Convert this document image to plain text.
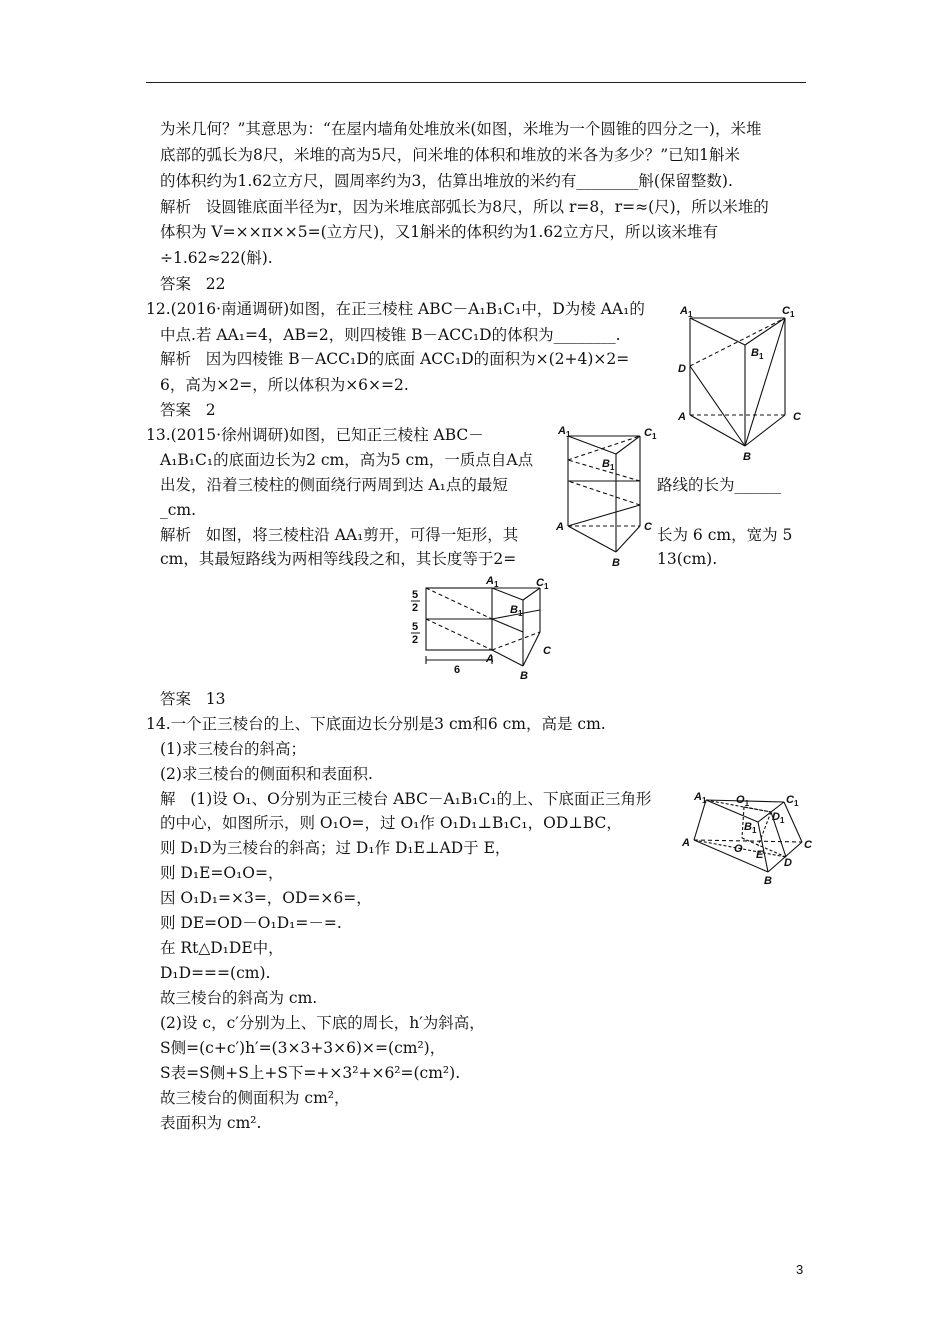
为米几何？”其意思为：“在屋内墙角处堆放米(如图，米堆为一个圆锥的四分之一)，米堆
底部的弧长为8尺，米堆的高为5尺，问米堆的体积和堆放的米各为多少？”已知1斛米
的体积约为1.62立方尺，圆周率约为3，估算出堆放的米约有________斛(保留整数).
解析   设圆锥底面半径为r，因为米堆底部弧长为8尺，所以 r=8，r=≈(尺)，所以米堆的
体积为 V=××π××5=(立方尺)，又1斛米的体积约为1.62立方尺，所以该米堆有
÷1.62≈22(斛).
答案   22
12.(2016·南通调研)如图，在正三棱柱 ABC－A₁B₁C₁中，D为棱 AA₁的
中点.若 AA₁=4，AB=2，则四棱锥 B－ACC₁D的体积为________.
解析   因为四棱锥 B－ACC₁D的底面 ACC₁D的面积为×(2+4)×2=
6，高为×2=，所以体积为×6×=2.
答案   2
13.(2015·徐州调研)如图，已知正三棱柱 ABC－
A₁B₁C₁的底面边长为2 cm，高为5 cm，一质点自A点
出发，沿着三棱柱的侧面绕行两周到达 A₁点的最短	路线的长为______
_cm.
解析   如图，将三棱柱沿 AA₁剪开，可得一矩形，其	长为 6 cm，宽为 5
cm，其最短路线为两相等线段之和，其长度等于2=	13(cm).
答案   13
14.一个正三棱台的上、下底面边长分别是3 cm和6 cm，高是 cm.
(1)求三棱台的斜高；
(2)求三棱台的侧面积和表面积.
解   (1)设 O₁、O分别为正三棱台 ABC－A₁B₁C₁的上、下底面正三角形
的中心，如图所示，则 O₁O=，过 O₁作 O₁D₁⊥B₁C₁，OD⊥BC，
则 D₁D为三棱台的斜高；过 D₁作 D₁E⊥AD于 E，
则 D₁E=O₁O=，
因 O₁D₁=×3=，OD=×6=，
则 DE=OD－O₁D₁=－=.
在 Rt△D₁DE中，
D₁D===(cm).
故三棱台的斜高为 cm.
(2)设 c，c′分别为上、下底的周长，h′为斜高，
S侧=(c+c′)h′=(3×3+3×6)×=(cm²)，
S表=S侧+S上+S下=+×3²+×6²=(cm²).
故三棱台的侧面积为 cm²，
表面积为 cm².
$A_1$	$C_1$
$B_1$
D
A	C
B
$A_1$	$C_1$
$B_1$
A	C
B
5
2
5
2
6
$A_1$	$C_1$
$B_1$
A
C
B
$A_1$	$O_1$	$C_1$
$B_1$
$D_1$
A	O E
C
D
B
3
